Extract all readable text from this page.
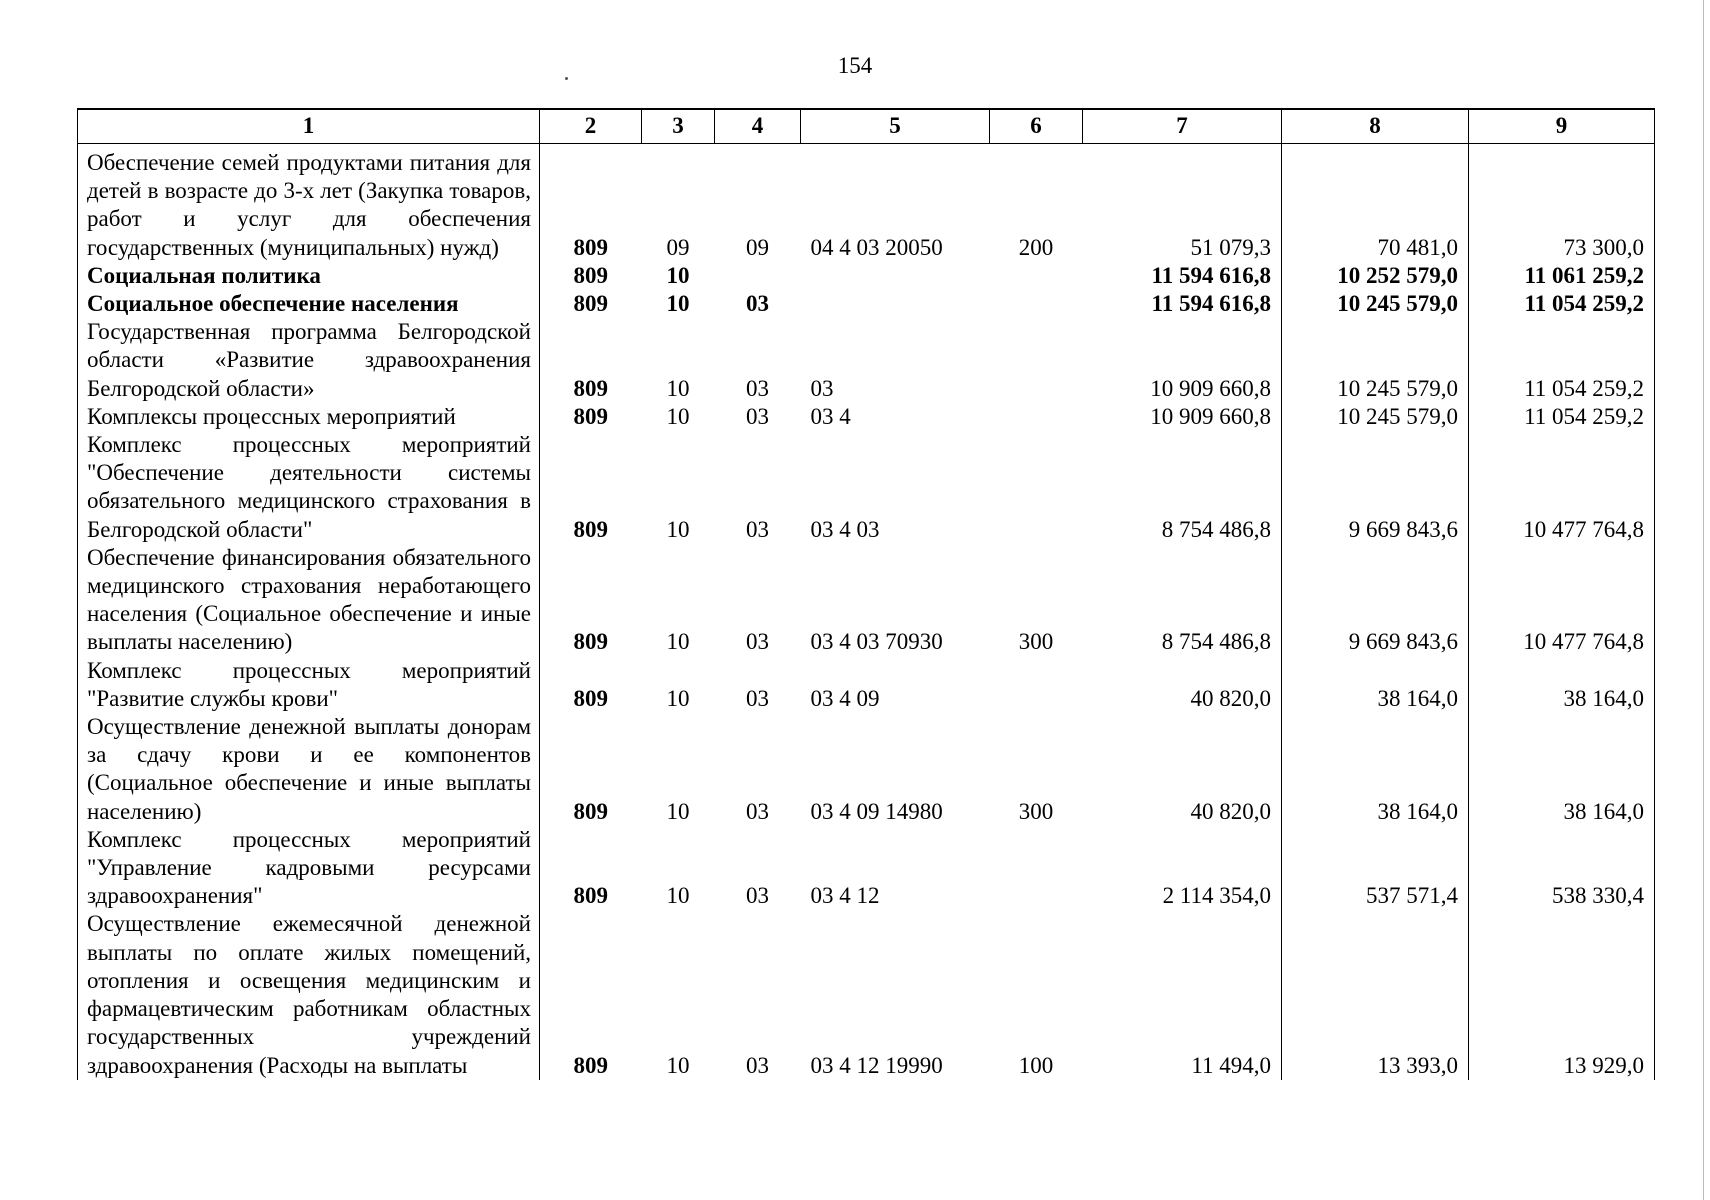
154
1	2	3	4	5	6	7	8	9
Обеспечение семей продуктами питания для детей в возрасте до 3-х лет (Закупка товаров, работ и услуг для обеспечения государственных (муниципальных) нужд)	809	09	09	04 4 03 20050	200	51 079,3	70 481,0	73 300,0
Социальная политика	809	10				11 594 616,8	10 252 579,0	11 061 259,2
Социальное обеспечение населения	809	10	03			11 594 616,8	10 245 579,0	11 054 259,2
Государственная программа Белгородской области «Развитие здравоохранения Белгородской области»	809	10	03	03		10 909 660,8	10 245 579,0	11 054 259,2
Комплексы процессных мероприятий	809	10	03	03 4		10 909 660,8	10 245 579,0	11 054 259,2
Комплекс процессных мероприятий "Обеспечение деятельности системы обязательного медицинского страхования в Белгородской области"	809	10	03	03 4 03		8 754 486,8	9 669 843,6	10 477 764,8
Обеспечение финансирования обязательного медицинского страхования неработающего населения (Социальное обеспечение и иные выплаты населению)	809	10	03	03 4 03 70930	300	8 754 486,8	9 669 843,6	10 477 764,8
Комплекс процессных мероприятий "Развитие службы крови"	809	10	03	03 4 09		40 820,0	38 164,0	38 164,0
Осуществление денежной выплаты донорам за сдачу крови и ее компонентов (Социальное обеспечение и иные выплаты населению)	809	10	03	03 4 09 14980	300	40 820,0	38 164,0	38 164,0
Комплекс процессных мероприятий "Управление кадровыми ресурсами здравоохранения"	809	10	03	03 4 12		2 114 354,0	537 571,4	538 330,4
Осуществление ежемесячной денежной выплаты по оплате жилых помещений, отопления и освещения медицинским и фармацевтическим работникам областных государственных учреждений здравоохранения (Расходы на выплаты	809	10	03	03 4 12 19990	100	11 494,0	13 393,0	13 929,0
